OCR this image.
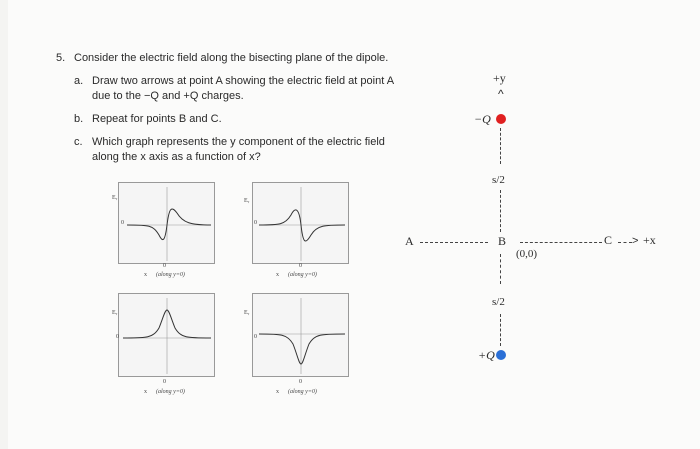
5. Consider the electric field along the bisecting plane of the dipole.
a. Draw two arrows at point A showing the electric field at point A
due to the −Q and +Q charges.
b. Repeat for points B and C.
c. Which graph represents the y component of the electric field
along the x axis as a function of x?
Eᵧ
0
0
x (along y=0)
Eᵧ
0
0
x (along y=0)
Eᵧ
0
0
x (along y=0)
Eᵧ
0
0
x (along y=0)
+y
^
−Q
s/2
A	B
(0,0)
C > +x
s/2
+Q
